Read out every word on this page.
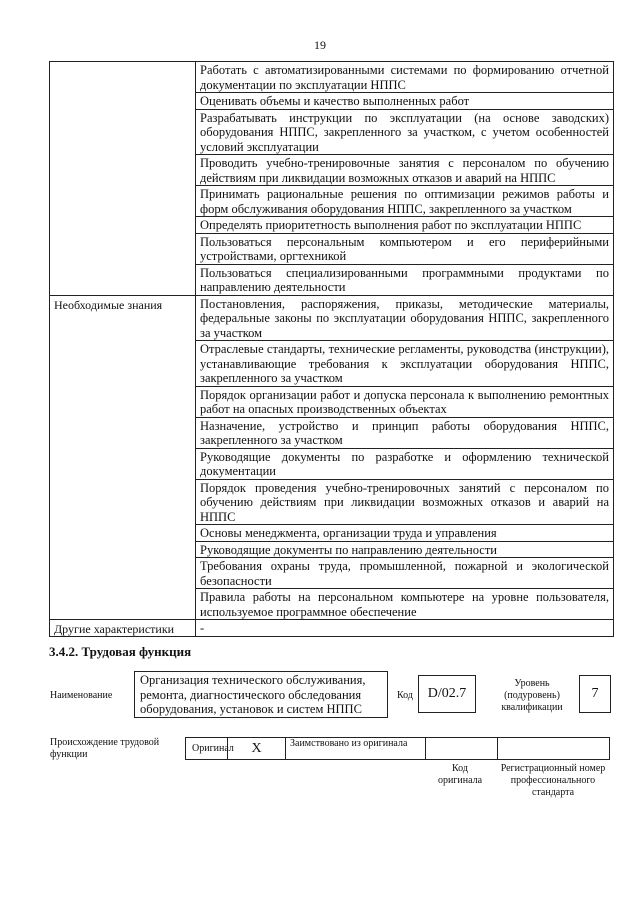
19
	Работать с автоматизированными системами по формированию отчетной документации по эксплуатации НППС
	Оценивать объемы и качество выполненных работ
	Разрабатывать инструкции по эксплуатации (на основе заводских) оборудования НППС, закрепленного за участком, с учетом особенностей условий эксплуатации
	Проводить учебно-тренировочные занятия с персоналом по обучению действиям при ликвидации возможных отказов и аварий на НППС
	Принимать рациональные решения по оптимизации режимов работы и форм обслуживания оборудования НППС, закрепленного за участком
	Определять приоритетность выполнения работ по эксплуатации НППС
	Пользоваться персональным компьютером и его периферийными устройствами, оргтехникой
	Пользоваться специализированными программными продуктами по направлению деятельности
Необходимые знания	Постановления, распоряжения, приказы, методические материалы, федеральные законы по эксплуатации оборудования НППС, закрепленного за участком
	Отраслевые стандарты, технические регламенты, руководства (инструкции), устанавливающие требования к эксплуатации оборудования НППС, закрепленного за участком
	Порядок организации работ и допуска персонала к выполнению ремонтных работ на опасных производственных объектах
	Назначение, устройство и принцип работы оборудования НППС, закрепленного за участком
	Руководящие документы по разработке и оформлению технической документации
	Порядок проведения учебно-тренировочных занятий с персоналом по обучению действиям при ликвидации возможных отказов и аварий на НППС
	Основы менеджмента, организации труда и управления
	Руководящие документы по направлению деятельности
	Требования охраны труда, промышленной, пожарной и экологической безопасности
	Правила работы на персональном компьютере на уровне пользователя, используемое программное обеспечение
Другие характеристики	-
3.4.2. Трудовая функция
Наименование
Организация технического обслуживания, ремонта, диагностического обследования оборудования, установок и систем НППС
Код	D/02.7
Уровень (подуровень) квалификации
7
Происхождение трудовой функции
Оригинал	X	Заимствовано из оригинала
Код оригинала
Регистрационный номер профессионального стандарта
